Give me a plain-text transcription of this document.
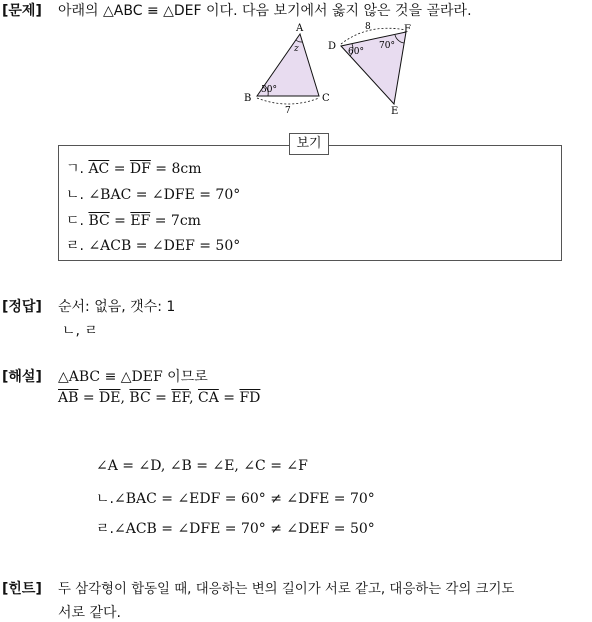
[문제] 아래의 △ABC ≡ △DEF 이다. 다음 보기에서 옳지 않은 것을 골라라.
A
B	C
50°
z
7
D
E
F
60°
70°
8
보기
ㄱ. $\overline{AC} = \overline{DF} = 8cm$
ㄴ. ∠BAC = ∠DFE = 70°
ㄷ. $\overline{BC} = \overline{EF} = 7cm$
ㄹ. ∠ACB = ∠DEF = 50°
[정답] 순서: 없음, 갯수: 1
ㄴ, ㄹ
[해설] △ABC ≡ △DEF 이므로
$\overline{AB} = \overline{DE}$, $\overline{BC} = \overline{EF}$, $\overline{CA} = \overline{FD}$
∠A = ∠D, ∠B = ∠E, ∠C = ∠F
ㄴ.∠BAC = ∠EDF = 60° ≠ ∠DFE = 70°
ㄹ.∠ACB = ∠DFE = 70° ≠ ∠DEF = 50°
[힌트] 두 삼각형이 합동일 때, 대응하는 변의 길이가 서로 같고, 대응하는 각의 크기도
서로 같다.
